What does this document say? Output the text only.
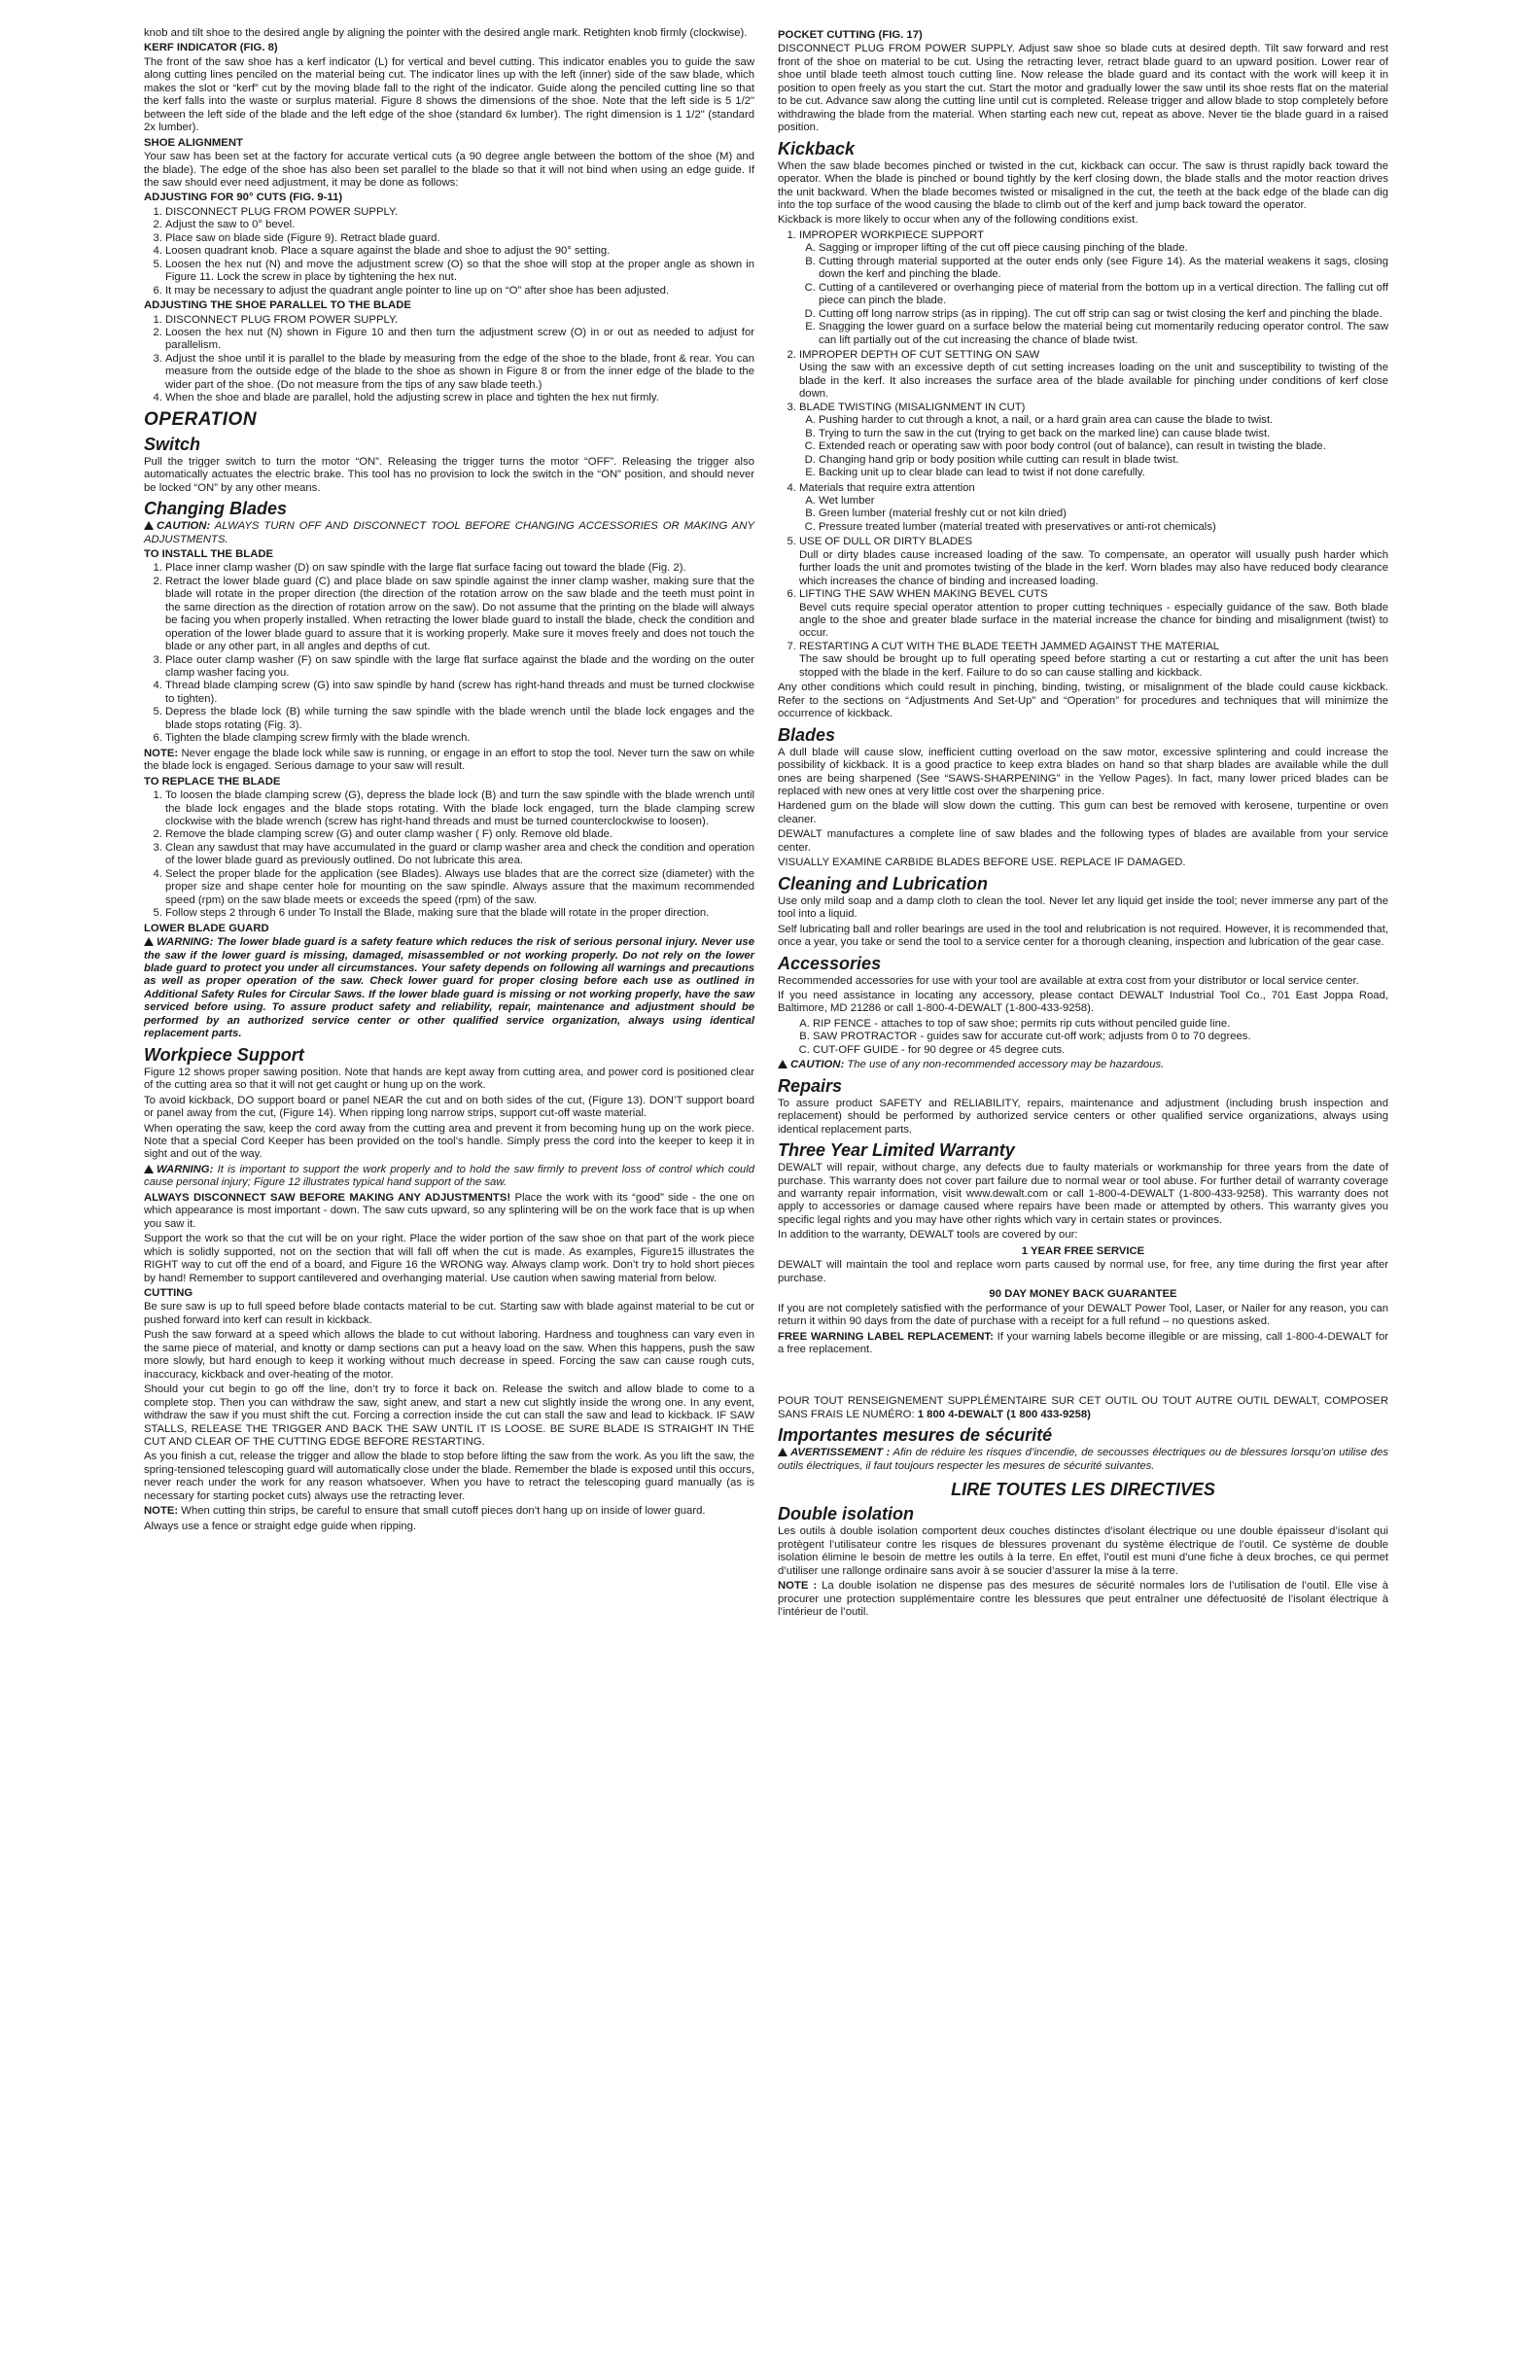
knob and tilt shoe to the desired angle by aligning the pointer with the desired angle mark. Retighten knob firmly (clockwise).

KERF INDICATOR (FIG. 8)

The front of the saw shoe has a kerf indicator (L) for vertical and bevel cutting. This indicator enables you to guide the saw along cutting lines penciled on the material being cut. The indicator lines up with the left (inner) side of the saw blade, which makes the slot or “kerf” cut by the moving blade fall to the right of the indicator. Guide along the penciled cutting line so that the kerf falls into the waste or surplus material. Figure 8 shows the dimensions of the shoe. Note that the left side is 5 1/2" between the left side of the blade and the left edge of the shoe (standard 6x lumber). The right dimension is 1 1/2" (standard 2x lumber).

SHOE ALIGNMENT

Your saw has been set at the factory for accurate vertical cuts (a 90 degree angle between the bottom of the shoe (M) and the blade). The edge of the shoe has also been set parallel to the blade so that it will not bind when using an edge guide. If the saw should ever need adjustment, it may be done as follows:

ADJUSTING FOR 90° CUTS (FIG. 9-11)
1. DISCONNECT PLUG FROM POWER SUPPLY.
2. Adjust the saw to 0° bevel.
3. Place saw on blade side (Figure 9). Retract blade guard.
4. Loosen quadrant knob. Place a square against the blade and shoe to adjust the 90° setting.
5. Loosen the hex nut (N) and move the adjustment screw (O) so that the shoe will stop at the proper angle as shown in Figure 11. Lock the screw in place by tightening the hex nut.
6. It may be necessary to adjust the quadrant angle pointer to line up on “O” after shoe has been adjusted.
ADJUSTING THE SHOE PARALLEL TO THE BLADE
1. DISCONNECT PLUG FROM POWER SUPPLY.
2. Loosen the hex nut (N) shown in Figure 10 and then turn the adjustment screw (O) in or out as needed to adjust for parallelism.
3. Adjust the shoe until it is parallel to the blade by measuring from the edge of the shoe to the blade, front & rear. You can measure from the outside edge of the blade to the shoe as shown in Figure 8 or from the inner edge of the blade to the wider part of the shoe. (Do not measure from the tips of any saw blade teeth.)
4. When the shoe and blade are parallel, hold the adjusting screw in place and tighten the hex nut firmly.
OPERATION
Switch

Pull the trigger switch to turn the motor “ON”. Releasing the trigger turns the motor “OFF”. Releasing the trigger also automatically actuates the electric brake. This tool has no provision to lock the switch in the “ON” position, and should never be locked “ON” by any other means.

Changing Blades

CAUTION: ALWAYS TURN OFF AND DISCONNECT TOOL BEFORE CHANGING ACCESSORIES OR MAKING ANY ADJUSTMENTS.

TO INSTALL THE BLADE
1. Place inner clamp washer (D) on saw spindle with the large flat surface facing out toward the blade (Fig. 2).
2. Retract the lower blade guard (C) and place blade on saw spindle against the inner clamp washer, making sure that the blade will rotate in the proper direction (the direction of the rotation arrow on the saw blade and the teeth must point in the same direction as the direction of rotation arrow on the saw). Do not assume that the printing on the blade will always be facing you when properly installed. When retracting the lower blade guard to install the blade, check the condition and operation of the lower blade guard to assure that it is working properly. Make sure it moves freely and does not touch the blade or any other part, in all angles and depths of cut.
3. Place outer clamp washer (F) on saw spindle with the large flat surface against the blade and the wording on the outer clamp washer facing you.
4. Thread blade clamping screw (G) into saw spindle by hand (screw has right-hand threads and must be turned clockwise to tighten).
5. Depress the blade lock (B) while turning the saw spindle with the blade wrench until the blade lock engages and the blade stops rotating (Fig. 3).
6. Tighten the blade clamping screw firmly with the blade wrench.

NOTE: Never engage the blade lock while saw is running, or engage in an effort to stop the tool. Never turn the saw on while the blade lock is engaged. Serious damage to your saw will result.

TO REPLACE THE BLADE
1. To loosen the blade clamping screw (G), depress the blade lock (B) and turn the saw spindle with the blade wrench until the blade lock engages and the blade stops rotating. With the blade lock engaged, turn the blade clamping screw clockwise with the blade wrench (screw has right-hand threads and must be turned counterclockwise to loosen).
2. Remove the blade clamping screw (G) and outer clamp washer ( F) only. Remove old blade.
3. Clean any sawdust that may have accumulated in the guard or clamp washer area and check the condition and operation of the lower blade guard as previously outlined. Do not lubricate this area.
4. Select the proper blade for the application (see Blades). Always use blades that are the correct size (diameter) with the proper size and shape center hole for mounting on the saw spindle. Always assure that the maximum recommended speed (rpm) on the saw blade meets or exceeds the speed (rpm) of the saw.
5. Follow steps 2 through 6 under To Install the Blade, making sure that the blade will rotate in the proper direction.
LOWER BLADE GUARD

WARNING: The lower blade guard is a safety feature which reduces the risk of serious personal injury. Never use the saw if the lower guard is missing, damaged, misassembled or not working properly. Do not rely on the lower blade guard to protect you under all circumstances. Your safety depends on following all warnings and precautions as well as proper operation of the saw. Check lower guard for proper closing before each use as outlined in Additional Safety Rules for Circular Saws. If the lower blade guard is missing or not working properly, have the saw serviced before using. To assure product safety and reliability, repair, maintenance and adjustment should be performed by an authorized service center or other qualified service organization, always using identical replacement parts.

Workpiece Support

Figure 12 shows proper sawing position. Note that hands are kept away from cutting area, and power cord is positioned clear of the cutting area so that it will not get caught or hung up on the work.

To avoid kickback, DO support board or panel NEAR the cut and on both sides of the cut, (Figure 13). DON’T support board or panel away from the cut, (Figure 14). When ripping long narrow strips, support cut-off waste material.

When operating the saw, keep the cord away from the cutting area and prevent it from becoming hung up on the work piece. Note that a special Cord Keeper has been provided on the tool’s handle. Simply press the cord into the keeper to keep it in sight and out of the way.

WARNING: It is important to support the work properly and to hold the saw firmly to prevent loss of control which could cause personal injury; Figure 12 illustrates typical hand support of the saw.

ALWAYS DISCONNECT SAW BEFORE MAKING ANY ADJUSTMENTS! Place the work with its “good” side - the one on which appearance is most important - down. The saw cuts upward, so any splintering will be on the work face that is up when you saw it.

Support the work so that the cut will be on your right. Place the wider portion of the saw shoe on that part of the work piece which is solidly supported, not on the section that will fall off when the cut is made. As examples, Figure15 illustrates the RIGHT way to cut off the end of a board, and Figure 16 the WRONG way. Always clamp work. Don’t try to hold short pieces by hand! Remember to support cantilevered and overhanging material. Use caution when sawing material from below.

CUTTING

Be sure saw is up to full speed before blade contacts material to be cut. Starting saw with blade against material to be cut or pushed forward into kerf can result in kickback.

Push the saw forward at a speed which allows the blade to cut without laboring. Hardness and toughness can vary even in the same piece of material, and knotty or damp sections can put a heavy load on the saw. When this happens, push the saw more slowly, but hard enough to keep it working without much decrease in speed. Forcing the saw can cause rough cuts, inaccuracy, kickback and over-heating of the motor.

Should your cut begin to go off the line, don’t try to force it back on. Release the switch and allow blade to come to a complete stop. Then you can withdraw the saw, sight anew, and start a new cut slightly inside the wrong one. In any event, withdraw the saw if you must shift the cut. Forcing a correction inside the cut can stall the saw and lead to kickback. IF SAW STALLS, RELEASE THE TRIGGER AND BACK THE SAW UNTIL IT IS LOOSE. BE SURE BLADE IS STRAIGHT IN THE CUT AND CLEAR OF THE CUTTING EDGE BEFORE RESTARTING.

As you finish a cut, release the trigger and allow the blade to stop before lifting the saw from the work. As you lift the saw, the spring-tensioned telescoping guard will automatically close under the blade. Remember the blade is exposed until this occurs, never reach under the work for any reason whatsoever. When you have to retract the telescoping guard manually (as is necessary for starting pocket cuts) always use the retracting lever.

NOTE: When cutting thin strips, be careful to ensure that small cutoff pieces don’t hang up on inside of lower guard.

Always use a fence or straight edge guide when ripping.

POCKET CUTTING (FIG. 17)

DISCONNECT PLUG FROM POWER SUPPLY. Adjust saw shoe so blade cuts at desired depth. Tilt saw forward and rest front of the shoe on material to be cut. Using the retracting lever, retract blade guard to an upward position. Lower rear of shoe until blade teeth almost touch cutting line. Now release the blade guard and its contact with the work will keep it in position to open freely as you start the cut. Start the motor and gradually lower the saw until its shoe rests flat on the material to be cut. Advance saw along the cutting line until cut is completed. Release trigger and allow blade to stop completely before withdrawing the blade from the material. When starting each new cut, repeat as above. Never tie the blade guard in a raised position.

Kickback

When the saw blade becomes pinched or twisted in the cut, kickback can occur. The saw is thrust rapidly back toward the operator. When the blade is pinched or bound tightly by the kerf closing down, the blade stalls and the motor reaction drives the unit backward. When the blade becomes twisted or misaligned in the cut, the teeth at the back edge of the blade can dig into the top surface of the wood causing the blade to climb out of the kerf and jump back toward the operator.

Kickback is more likely to occur when any of the following conditions exist.

1. IMPROPER WORKPIECE SUPPORT
A. Sagging or improper lifting of the cut off piece causing pinching of the blade.
B. Cutting through material supported at the outer ends only (see Figure 14). As the material weakens it sags, closing down the kerf and pinching the blade.
C. Cutting of a cantilevered or overhanging piece of material from the bottom up in a vertical direction. The falling cut off piece can pinch the blade.
D. Cutting off long narrow strips (as in ripping). The cut off strip can sag or twist closing the kerf and pinching the blade.
E. Snagging the lower guard on a surface below the material being cut momentarily reducing operator control. The saw can lift partially out of the cut increasing the chance of blade twist.
2. IMPROPER DEPTH OF CUT SETTING ON SAW
Using the saw with an excessive depth of cut setting increases loading on the unit and susceptibility to twisting of the blade in the kerf. It also increases the surface area of the blade available for pinching under conditions of kerf close down.
3. BLADE TWISTING (MISALIGNMENT IN CUT)
A. Pushing harder to cut through a knot, a nail, or a hard grain area can cause the blade to twist.
B. Trying to turn the saw in the cut (trying to get back on the marked line) can cause blade twist.
C. Extended reach or operating saw with poor body control (out of balance), can result in twisting the blade.
D. Changing hand grip or body position while cutting can result in blade twist.
E. Backing unit up to clear blade can lead to twist if not done carefully.
4. Materials that require extra attention
A. Wet lumber
B. Green lumber (material freshly cut or not kiln dried)
C. Pressure treated lumber (material treated with preservatives or anti-rot chemicals)
5. USE OF DULL OR DIRTY BLADES
Dull or dirty blades cause increased loading of the saw. To compensate, an operator will usually push harder which further loads the unit and promotes twisting of the blade in the kerf. Worn blades may also have reduced body clearance which increases the chance of binding and increased loading.
6. LIFTING THE SAW WHEN MAKING BEVEL CUTS
Bevel cuts require special operator attention to proper cutting techniques - especially guidance of the saw. Both blade angle to the shoe and greater blade surface in the material increase the chance for binding and misalignment (twist) to occur.
7. RESTARTING A CUT WITH THE BLADE TEETH JAMMED AGAINST THE MATERIAL
The saw should be brought up to full operating speed before starting a cut or restarting a cut after the unit has been stopped with the blade in the kerf. Failure to do so can cause stalling and kickback.

Any other conditions which could result in pinching, binding, twisting, or misalignment of the blade could cause kickback. Refer to the sections on “Adjustments And Set-Up” and “Operation” for procedures and techniques that will minimize the occurrence of kickback.

Blades

A dull blade will cause slow, inefficient cutting overload on the saw motor, excessive splintering and could increase the possibility of kickback. It is a good practice to keep extra blades on hand so that sharp blades are available while the dull ones are being sharpened (See “SAWS-SHARPENING” in the Yellow Pages). In fact, many lower priced blades can be replaced with new ones at very little cost over the sharpening price.

Hardened gum on the blade will slow down the cutting. This gum can best be removed with kerosene, turpentine or oven cleaner.

DEWALT manufactures a complete line of saw blades and the following types of blades are available from your service center.

VISUALLY EXAMINE CARBIDE BLADES BEFORE USE. REPLACE IF DAMAGED.

Cleaning and Lubrication

Use only mild soap and a damp cloth to clean the tool. Never let any liquid get inside the tool; never immerse any part of the tool into a liquid.

Self lubricating ball and roller bearings are used in the tool and relubrication is not required. However, it is recommended that, once a year, you take or send the tool to a service center for a thorough cleaning, inspection and lubrication of the gear case.

Accessories

Recommended accessories for use with your tool are available at extra cost from your distributor or local service center.

If you need assistance in locating any accessory, please contact DEWALT Industrial Tool Co., 701 East Joppa Road, Baltimore, MD 21286 or call 1-800-4-DEWALT (1-800-433-9258).

A. RIP FENCE - attaches to top of saw shoe; permits rip cuts without penciled guide line.
B. SAW PROTRACTOR - guides saw for accurate cut-off work; adjusts from 0 to 70 degrees.
C. CUT-OFF GUIDE - for 90 degree or 45 degree cuts.

CAUTION: The use of any non-recommended accessory may be hazardous.

Repairs

To assure product SAFETY and RELIABILITY, repairs, maintenance and adjustment (including brush inspection and replacement) should be performed by authorized service centers or other qualified service organizations, always using identical replacement parts.

Three Year Limited Warranty

DEWALT will repair, without charge, any defects due to faulty materials or workmanship for three years from the date of purchase. This warranty does not cover part failure due to normal wear or tool abuse. For further detail of warranty coverage and warranty repair information, visit www.dewalt.com or call 1-800-4-DEWALT (1-800-433-9258). This warranty does not apply to accessories or damage caused where repairs have been made or attempted by others. This warranty gives you specific legal rights and you may have other rights which vary in certain states or provinces.

In addition to the warranty, DEWALT tools are covered by our:

1 YEAR FREE SERVICE

DEWALT will maintain the tool and replace worn parts caused by normal use, for free, any time during the first year after purchase.

90 DAY MONEY BACK GUARANTEE

If you are not completely satisfied with the performance of your DEWALT Power Tool, Laser, or Nailer for any reason, you can return it within 90 days from the date of purchase with a receipt for a full refund – no questions asked.

FREE WARNING LABEL REPLACEMENT: If your warning labels become illegible or are missing, call 1-800-4-DEWALT for a free replacement.

POUR TOUT RENSEIGNEMENT SUPPLÉMENTAIRE SUR CET OUTIL OU TOUT AUTRE OUTIL DEWALT, COMPOSER SANS FRAIS LE NUMÉRO: 1 800 4-DEWALT (1 800 433-9258)

Importantes mesures de sécurité

AVERTISSEMENT : Afin de réduire les risques d’incendie, de secousses électriques ou de blessures lorsqu’on utilise des outils électriques, il faut toujours respecter les mesures de sécurité suivantes.

LIRE TOUTES LES DIRECTIVES
Double isolation

Les outils à double isolation comportent deux couches distinctes d’isolant électrique ou une double épaisseur d’isolant qui protègent l’utilisateur contre les risques de blessures provenant du système électrique de l’outil. Ce système de double isolation élimine le besoin de mettre les outils à la terre. En effet, l’outil est muni d’une fiche à deux broches, ce qui permet d’utiliser une rallonge ordinaire sans avoir à se soucier d’assurer la mise à la terre.

NOTE : La double isolation ne dispense pas des mesures de sécurité normales lors de l’utilisation de l’outil. Elle vise à procurer une protection supplémentaire contre les blessures que peut entraîner une défectuosité de l’isolant électrique à l’intérieur de l’outil.
